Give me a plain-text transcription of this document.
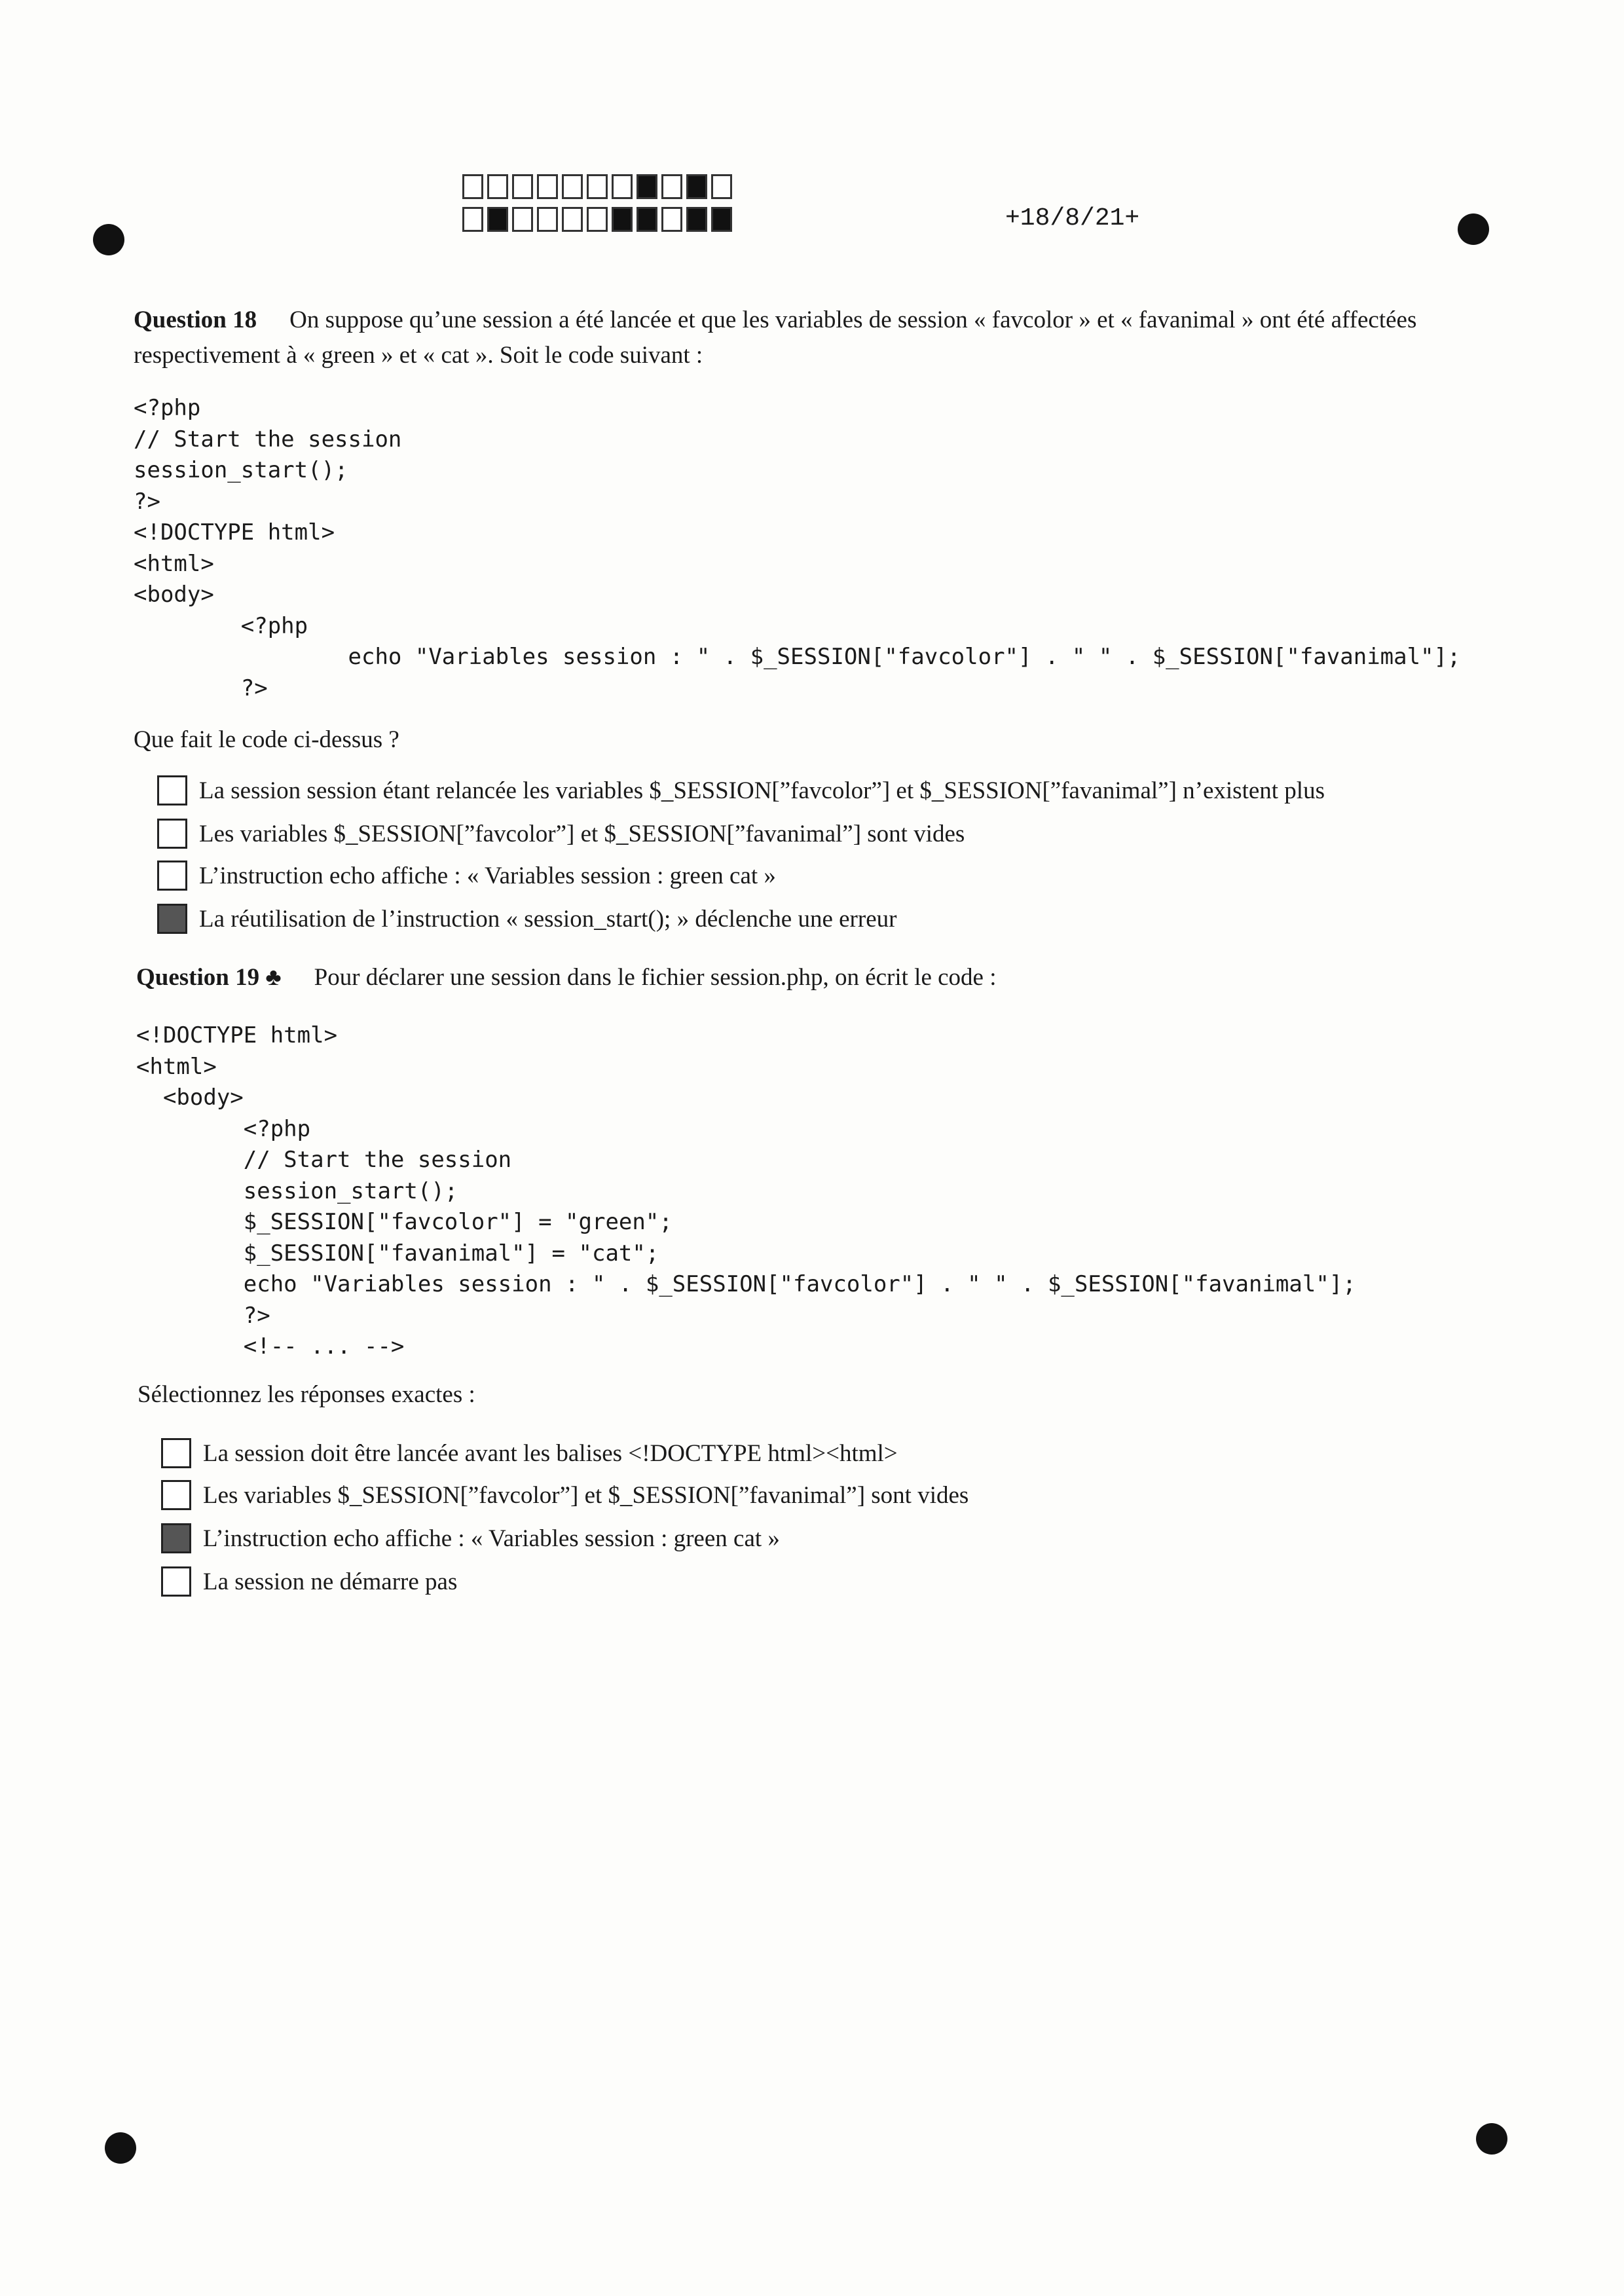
+18/8/21+
Question 18 On suppose qu’une session a été lancée et que les variables de session « favcolor » et « favanimal » ont été affectées respectivement à « green » et « cat ». Soit le code suivant :
<?php
// Start the session
session_start();
?>
<!DOCTYPE html>
<html>
<body>
<?php
echo "Variables session : " . $_SESSION["favcolor"] . " " . $_SESSION["favanimal"];
?>
Que fait le code ci-dessus ?
La session session étant relancée les variables $_SESSION[”favcolor”] et $_SESSION[”favanimal”] n’existent plus
Les variables $_SESSION[”favcolor”] et $_SESSION[”favanimal”] sont vides
L’instruction echo affiche : « Variables session : green cat »
La réutilisation de l’instruction « session_start(); » déclenche une erreur
Question 19 ♣ Pour déclarer une session dans le fichier session.php, on écrit le code :
<!DOCTYPE html>
<html>
<body>
<?php
// Start the session
session_start();
$_SESSION["favcolor"] = "green";
$_SESSION["favanimal"] = "cat";
echo "Variables session : " . $_SESSION["favcolor"] . " " . $_SESSION["favanimal"];
?>
<!-- ... -->
Sélectionnez les réponses exactes :
La session doit être lancée avant les balises <!DOCTYPE html><html>
Les variables $_SESSION[”favcolor”] et $_SESSION[”favanimal”] sont vides
L’instruction echo affiche : « Variables session : green cat »
La session ne démarre pas
